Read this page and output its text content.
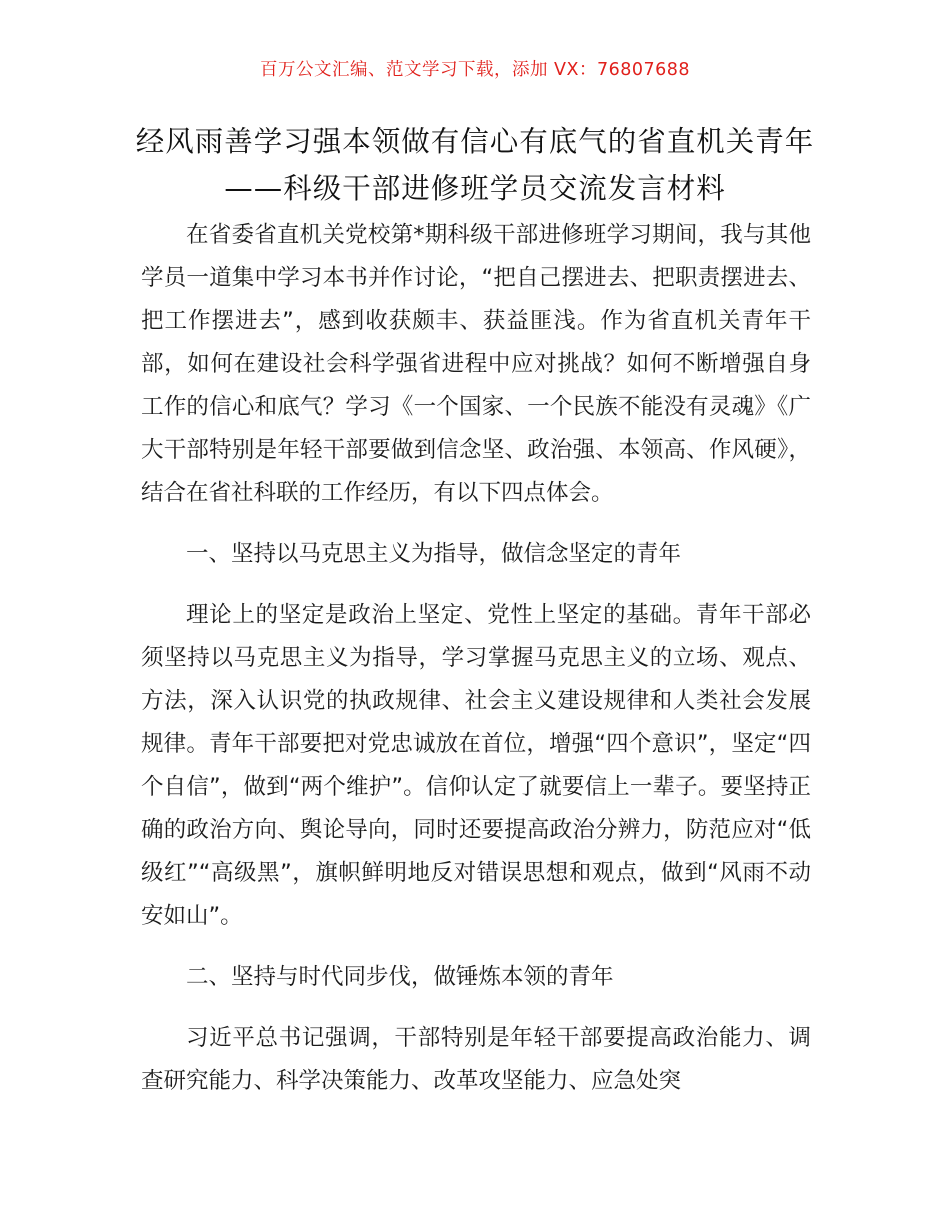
百万公文汇编、范文学习下载，添加 VX：76807688
经风雨善学习强本领做有信心有底气的省直机关青年——科级干部进修班学员交流发言材料

在省委省直机关党校第*期科级干部进修班学习期间，我与其他学员一道集中学习本书并作讨论，“把自己摆进去、把职责摆进去、把工作摆进去”，感到收获颇丰、获益匪浅。作为省直机关青年干部，如何在建设社会科学强省进程中应对挑战？如何不断增强自身工作的信心和底气？学习《一个国家、一个民族不能没有灵魂》《广大干部特别是年轻干部要做到信念坚、政治强、本领高、作风硬》，结合在省社科联的工作经历，有以下四点体会。

一、坚持以马克思主义为指导，做信念坚定的青年

理论上的坚定是政治上坚定、党性上坚定的基础。青年干部必须坚持以马克思主义为指导，学习掌握马克思主义的立场、观点、方法，深入认识党的执政规律、社会主义建设规律和人类社会发展规律。青年干部要把对党忠诚放在首位，增强“四个意识”，坚定“四个自信”，做到“两个维护”。信仰认定了就要信上一辈子。要坚持正确的政治方向、舆论导向，同时还要提高政治分辨力，防范应对“低级红”“高级黑”，旗帜鲜明地反对错误思想和观点，做到“风雨不动安如山”。

二、坚持与时代同步伐，做锤炼本领的青年

习近平总书记强调，干部特别是年轻干部要提高政治能力、调查研究能力、科学决策能力、改革攻坚能力、应急处突
